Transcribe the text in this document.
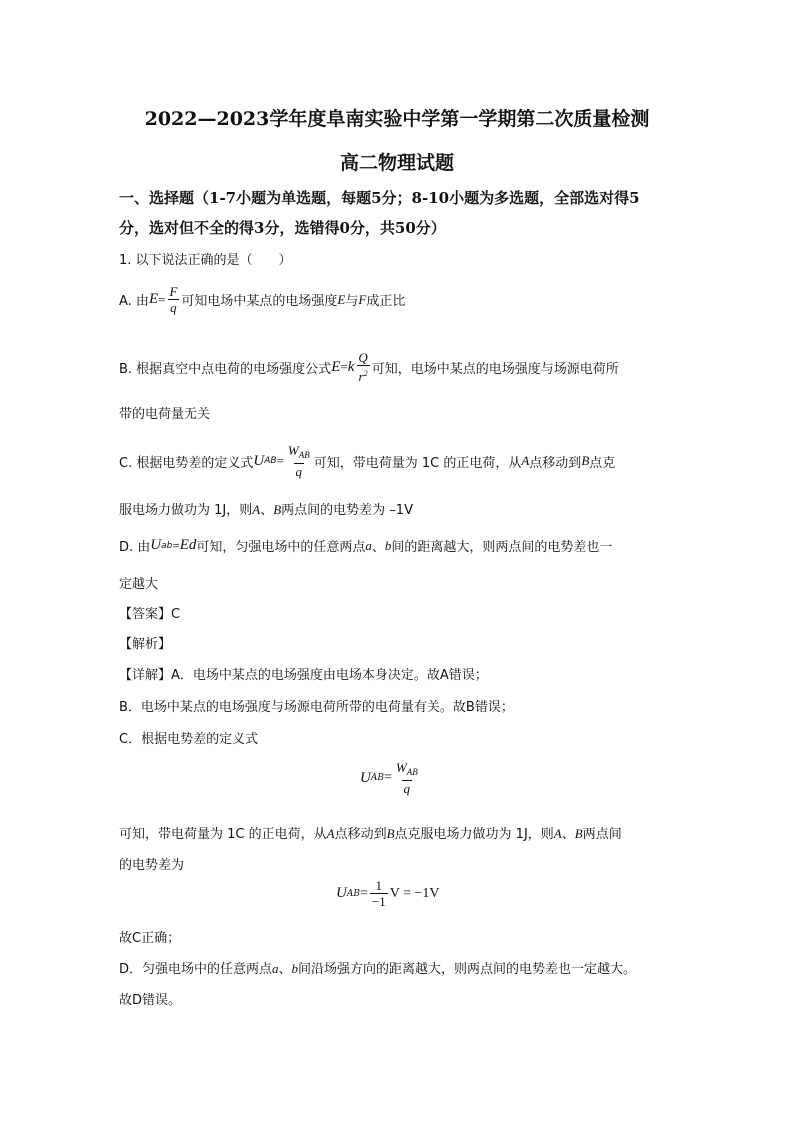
2022—2023学年度阜南实验中学第一学期第二次质量检测
高二物理试题
一、选择题（1-7小题为单选题，每题5分；8-10小题为多选题，全部选对得5
分，选对但不全的得3分，选错得0分，共50分）
1. 以下说法正确的是（　　）
A. 由 $E = \frac{F}{q}$ 可知电场中某点的电场强度 E 与 F 成正比
B. 根据真空中点电荷的电场强度公式 E = k $\frac{Q}{r^2}$ 可知，电场中某点的电场强度与场源电荷所
带的电荷量无关
C. 根据电势差的定义式 U AB = $\frac{W_{AB}}{q}$ 可知，带电荷量为 1C 的正电荷，从 A 点移动到 B 点克
服电场力做功为 1J，则A、B两点间的电势差为 –1V
D. 由 U ab = Ed 可知，匀强电场中的任意两点 a 、 b 间的距离越大，则两点间的电势差也一
定越大
【答案】C
【解析】
【详解】A．电场中某点的电场强度由电场本身决定。故A错误；
B．电场中某点的电场强度与场源电荷所带的电荷量有关。故B错误；
C．根据电势差的定义式
U AB = $\frac{W_{AB}}{q}$
可知，带电荷量为 1C 的正电荷，从A点移动到B点克服电场力做功为 1J，则A、B两点间
的电势差为
U AB = $\frac{1}{-1}$ V = −1V
故C正确；
D．匀强电场中的任意两点a、b间沿场强方向的距离越大，则两点间的电势差也一定越大。
故D错误。
